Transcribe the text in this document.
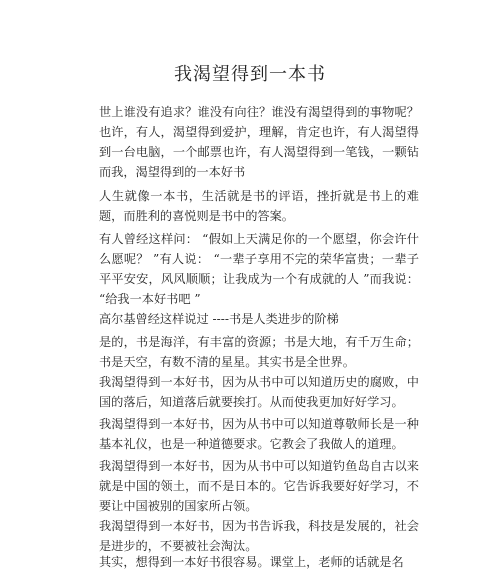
我渴望得到一本书
世上谁没有追求？谁没有向往？谁没有渴望得到的事物呢？也许，有人，渴望得到爱护，理解，肯定也许，有人渴望得到一台电脑，一个邮票也许，有人渴望得到一笔钱，一颗钻而我，渴望得到的一本好书
人生就像一本书，生活就是书的评语，挫折就是书上的难题，而胜利的喜悦则是书中的答案。
有人曾经这样问： “假如上天满足你的一个愿望，你会许什么愿呢？ ”有人说： “一辈子享用不完的荣华富贵；一辈子平平安安，风风顺顺；让我成为一个有成就的人 ”而我说： “给我一本好书吧 ”
高尔基曾经这样说过 ----书是人类进步的阶梯
是的，书是海洋，有丰富的资源；书是大地，有千万生命；书是天空，有数不清的星星。其实书是全世界。
我渴望得到一本好书，因为从书中可以知道历史的腐败，中国的落后，知道落后就要挨打。从而使我更加好好学习。
我渴望得到一本好书，因为从书中可以知道尊敬师长是一种基本礼仪，也是一种道德要求。它教会了我做人的道理。
我渴望得到一本好书，因为从书中可以知道钓鱼岛自古以来就是中国的领土，而不是日本的。它告诉我要好好学习，不要让中国被别的国家所占领。
我渴望得到一本好书，因为书告诉我，科技是发展的，社会是进步的，不要被社会淘汰。
其实，想得到一本好书很容易。课堂上，老师的话就是名
